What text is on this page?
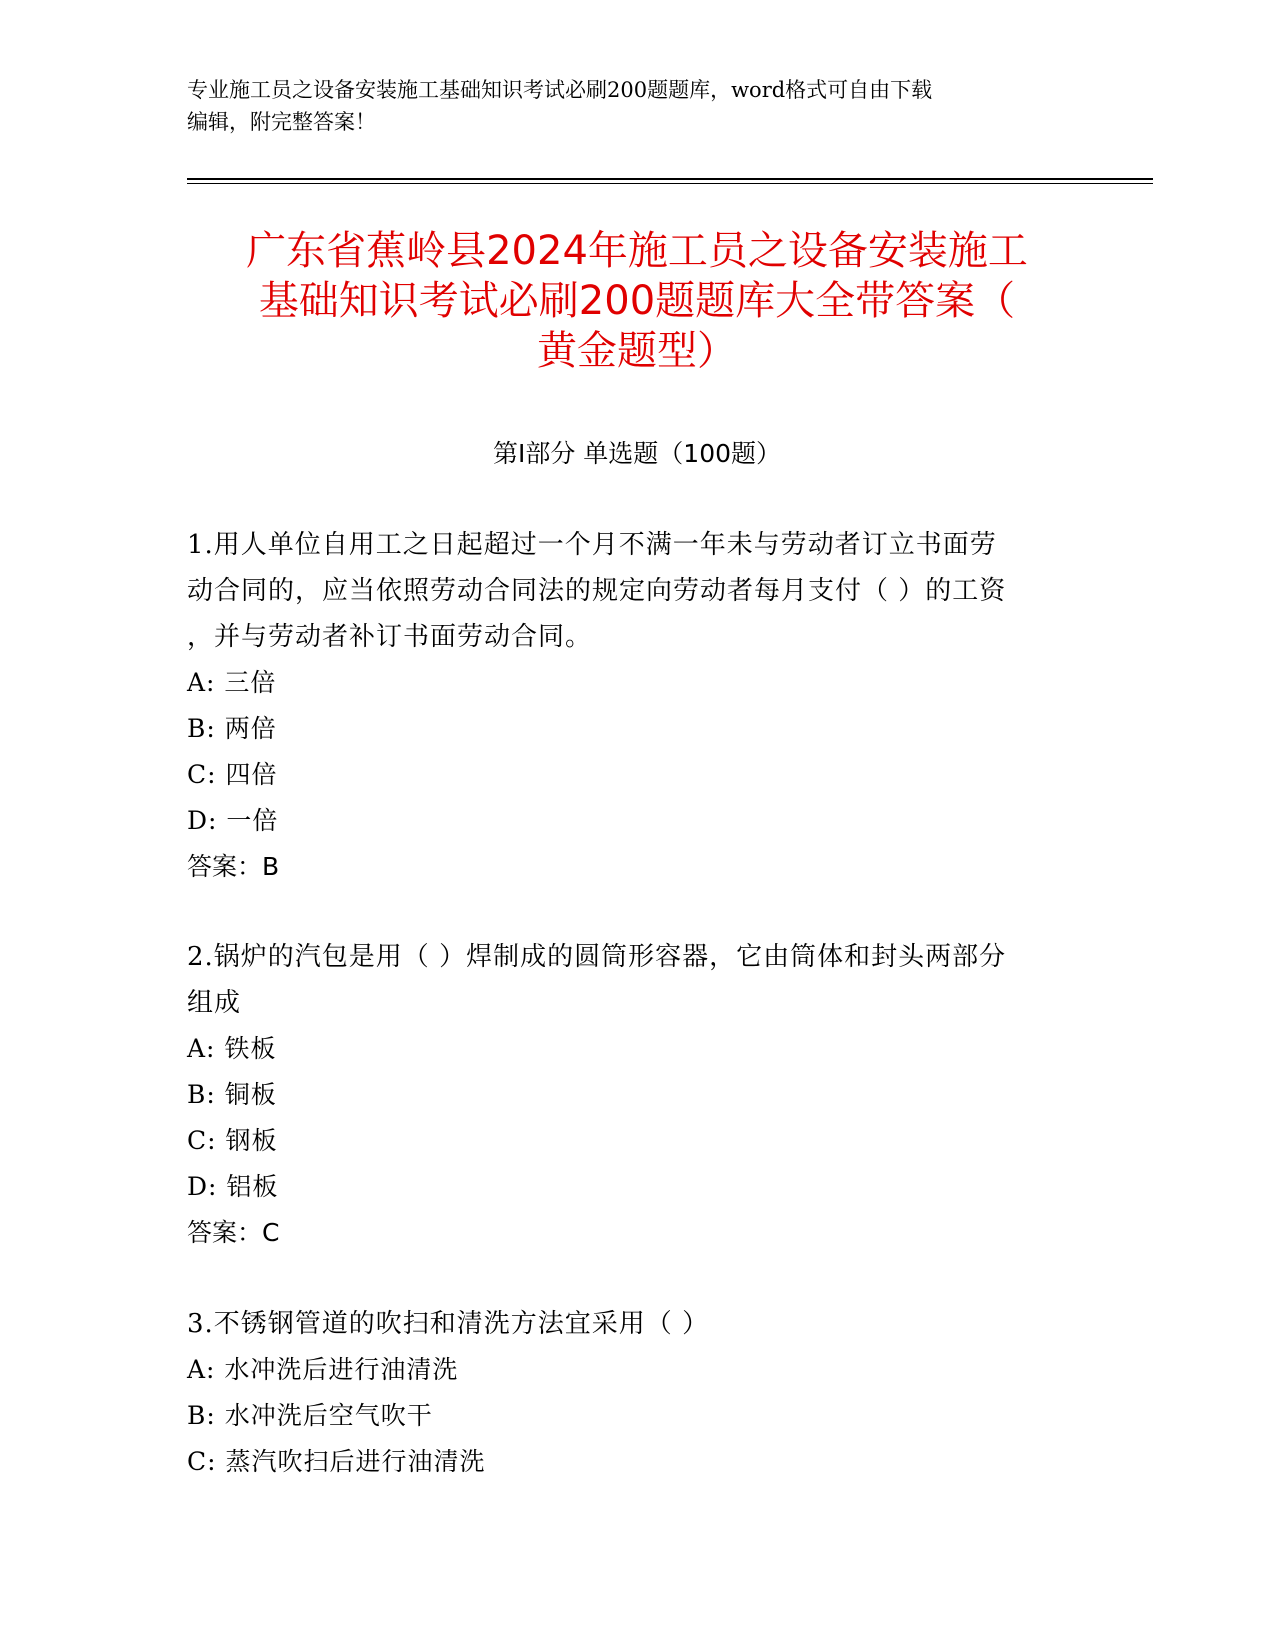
专业施工员之设备安装施工基础知识考试必刷200题题库，word格式可自由下载
编辑，附完整答案！
广东省蕉岭县2024年施工员之设备安装施工
基础知识考试必刷200题题库大全带答案（
黄金题型）
第Ⅰ部分 单选题（100题）
1.用人单位自用工之日起超过一个月不满一年未与劳动者订立书面劳
动合同的，应当依照劳动合同法的规定向劳动者每月支付（ ）的工资
，并与劳动者补订书面劳动合同。
A: 三倍
B: 两倍
C: 四倍
D: 一倍
答案：B
2.锅炉的汽包是用（ ）焊制成的圆筒形容器，它由筒体和封头两部分
组成
A: 铁板
B: 铜板
C: 钢板
D: 铝板
答案：C
3.不锈钢管道的吹扫和清洗方法宜采用（ ）
A: 水冲洗后进行油清洗
B: 水冲洗后空气吹干
C: 蒸汽吹扫后进行油清洗
